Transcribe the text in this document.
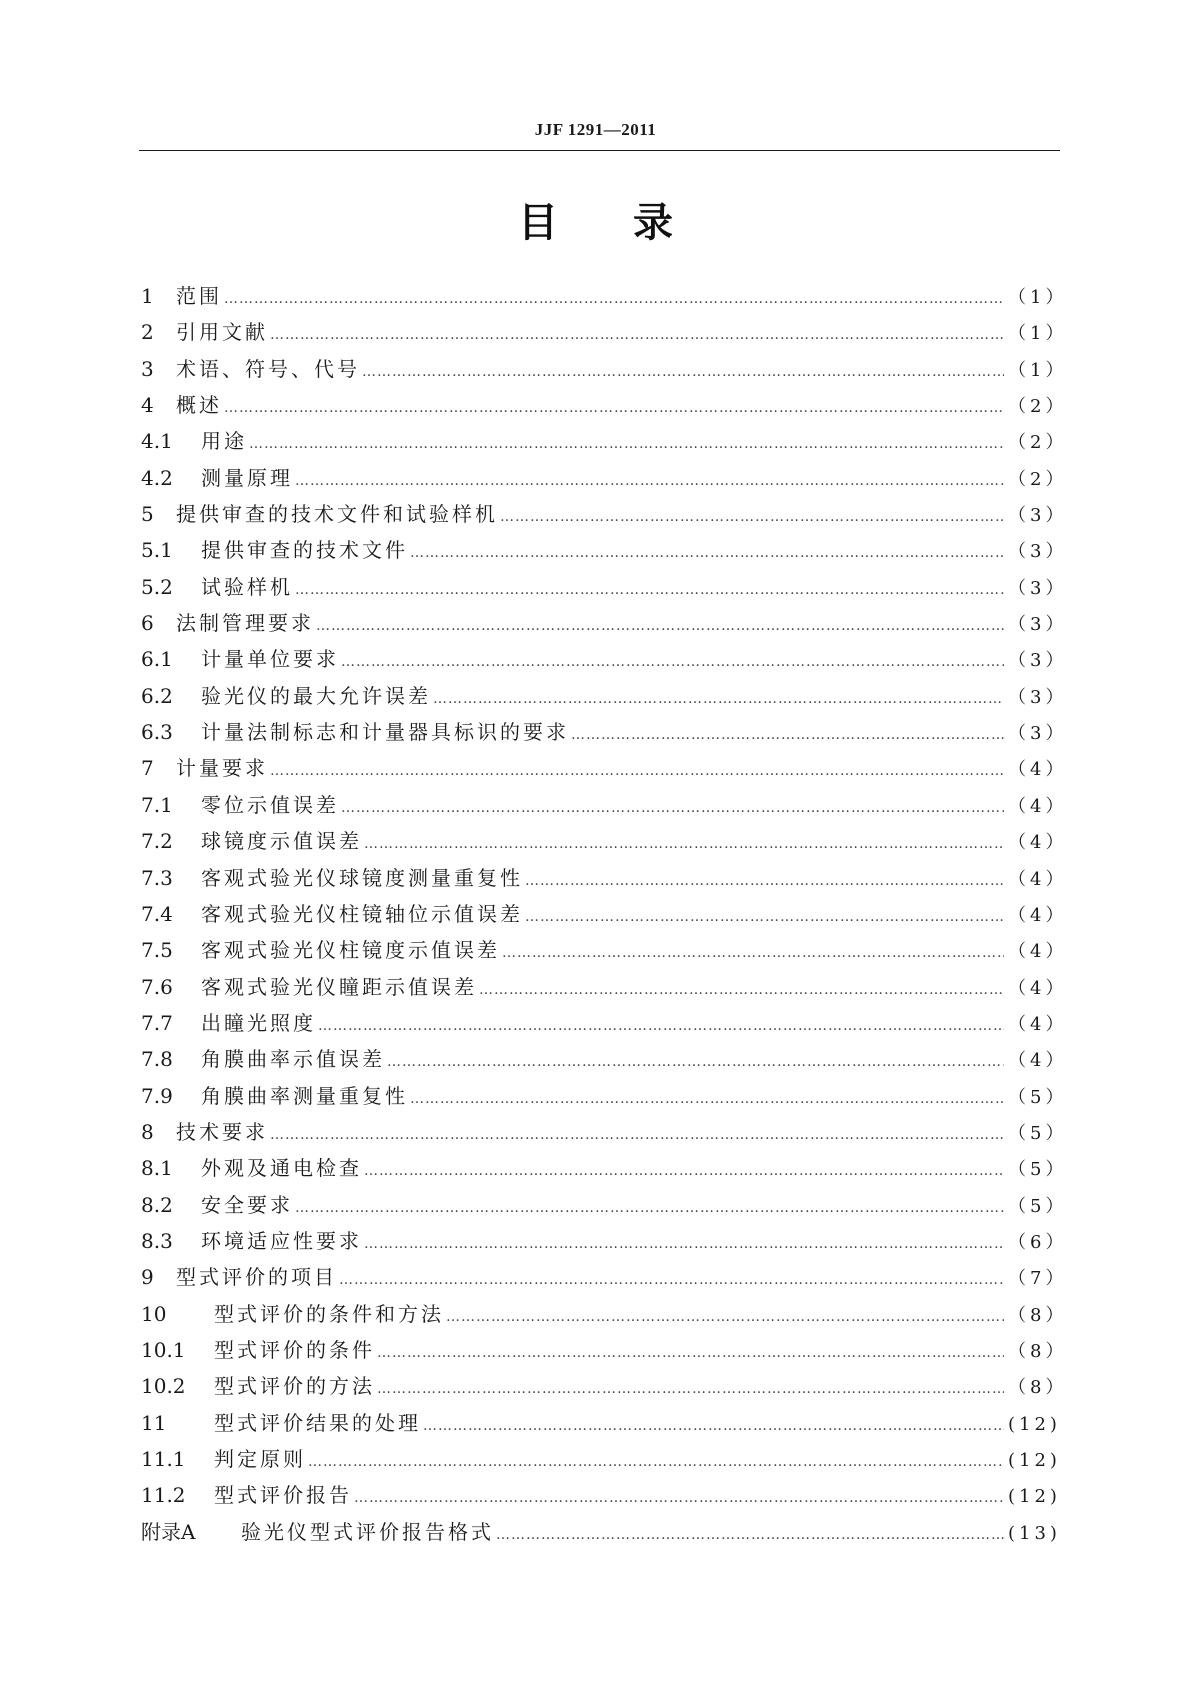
JJF 1291—2011
目 录
1	范围 ………………………………………………………………………………………………………………………………………………………………………………	（1）
2	引用文献 ………………………………………………………………………………………………………………………………………………………………………………	（1）
3	术语、符号、代号 ………………………………………………………………………………………………………………………………………………………………………………	（1）
4	概述 ………………………………………………………………………………………………………………………………………………………………………………	（2）
4.1	用途 ………………………………………………………………………………………………………………………………………………………………………………	（2）
4.2	测量原理 ………………………………………………………………………………………………………………………………………………………………………………	（2）
5	提供审查的技术文件和试验样机 ………………………………………………………………………………………………………………………………………………………………………………	（3）
5.1	提供审查的技术文件 ………………………………………………………………………………………………………………………………………………………………………………	（3）
5.2	试验样机 ………………………………………………………………………………………………………………………………………………………………………………	（3）
6	法制管理要求 ………………………………………………………………………………………………………………………………………………………………………………	（3）
6.1	计量单位要求 ………………………………………………………………………………………………………………………………………………………………………………	（3）
6.2	验光仪的最大允许误差 ………………………………………………………………………………………………………………………………………………………………………………	（3）
6.3	计量法制标志和计量器具标识的要求 ………………………………………………………………………………………………………………………………………………………………………………	（3）
7	计量要求 ………………………………………………………………………………………………………………………………………………………………………………	（4）
7.1	零位示值误差 ………………………………………………………………………………………………………………………………………………………………………………	（4）
7.2	球镜度示值误差 ………………………………………………………………………………………………………………………………………………………………………………	（4）
7.3	客观式验光仪球镜度测量重复性 ………………………………………………………………………………………………………………………………………………………………………………	（4）
7.4	客观式验光仪柱镜轴位示值误差 ………………………………………………………………………………………………………………………………………………………………………………	（4）
7.5	客观式验光仪柱镜度示值误差 ………………………………………………………………………………………………………………………………………………………………………………	（4）
7.6	客观式验光仪瞳距示值误差 ………………………………………………………………………………………………………………………………………………………………………………	（4）
7.7	出瞳光照度 ………………………………………………………………………………………………………………………………………………………………………………	（4）
7.8	角膜曲率示值误差 ………………………………………………………………………………………………………………………………………………………………………………	（4）
7.9	角膜曲率测量重复性 ………………………………………………………………………………………………………………………………………………………………………………	（5）
8	技术要求 ………………………………………………………………………………………………………………………………………………………………………………	（5）
8.1	外观及通电检查 ………………………………………………………………………………………………………………………………………………………………………………	（5）
8.2	安全要求 ………………………………………………………………………………………………………………………………………………………………………………	（5）
8.3	环境适应性要求 ………………………………………………………………………………………………………………………………………………………………………………	（6）
9	型式评价的项目 ………………………………………………………………………………………………………………………………………………………………………………	（7）
10	型式评价的条件和方法 ………………………………………………………………………………………………………………………………………………………………………………	（8）
10.1	型式评价的条件 ………………………………………………………………………………………………………………………………………………………………………………	（8）
10.2	型式评价的方法 ………………………………………………………………………………………………………………………………………………………………………………	（8）
11	型式评价结果的处理 ………………………………………………………………………………………………………………………………………………………………………………	(12)
11.1	判定原则 ………………………………………………………………………………………………………………………………………………………………………………	(12)
11.2	型式评价报告 ………………………………………………………………………………………………………………………………………………………………………………	(12)
附录A	验光仪型式评价报告格式 ………………………………………………………………………………………………………………………………………………………………………………	(13)
